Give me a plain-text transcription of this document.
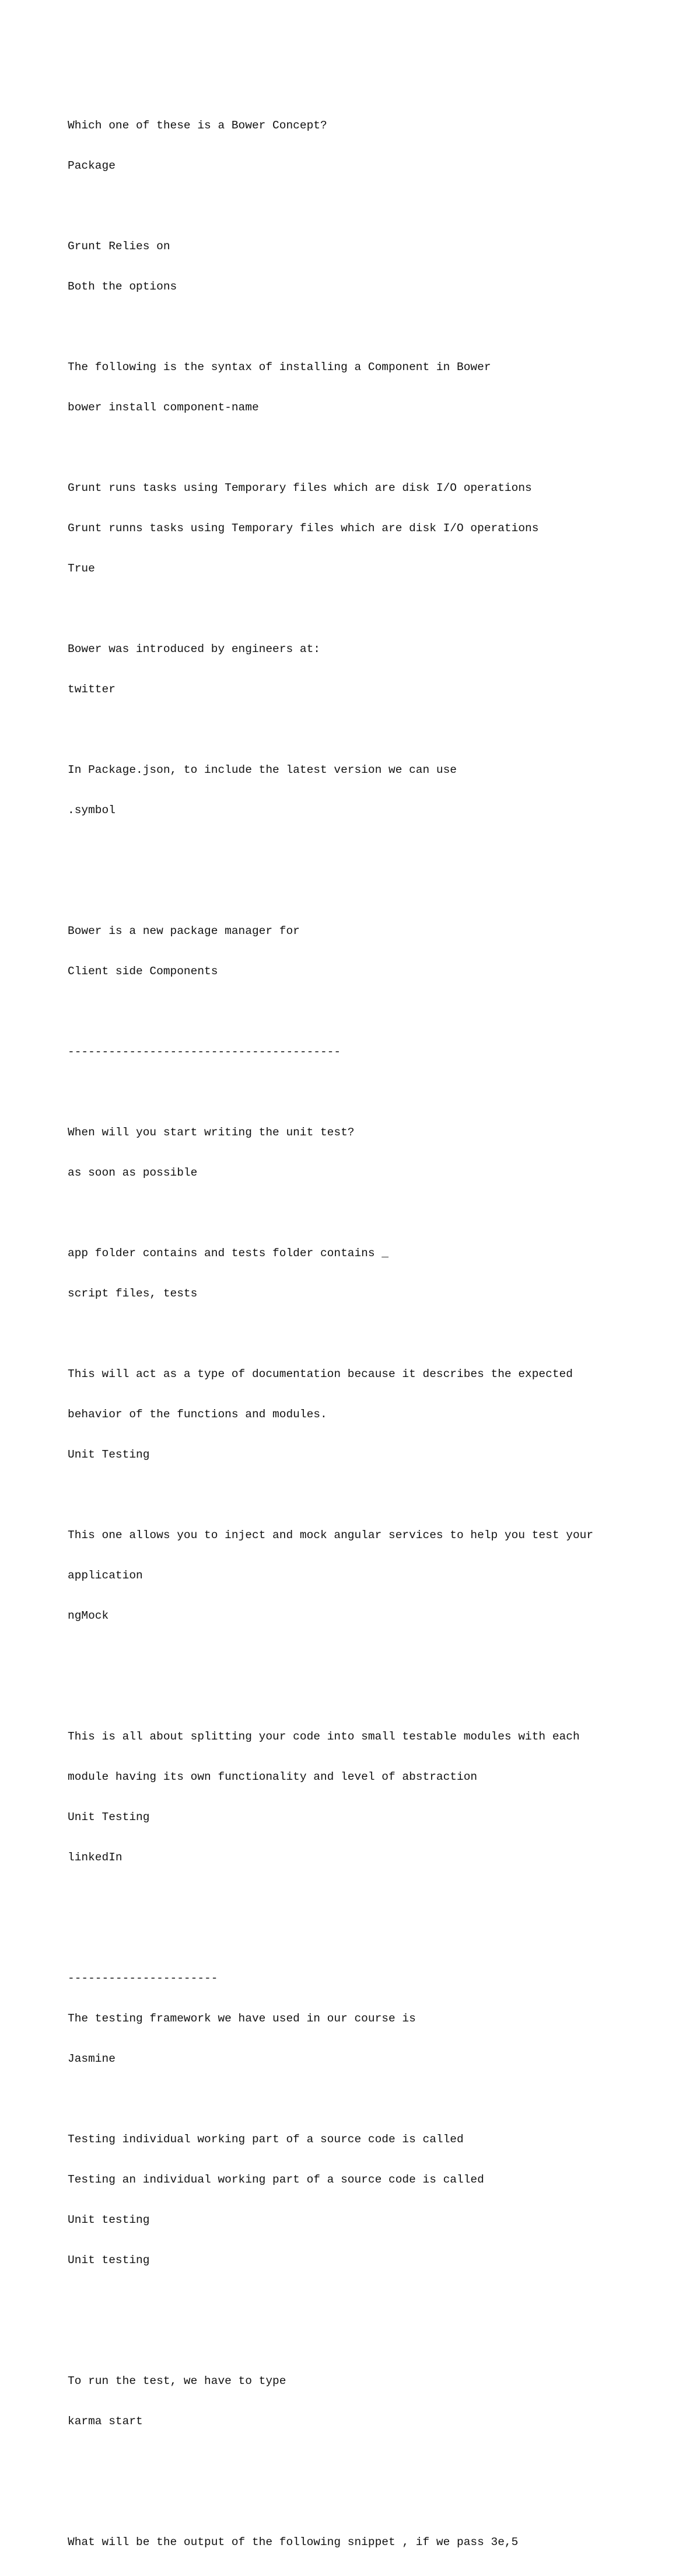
Which one of these is a Bower Concept?

Package

Grunt Relies on

Both the options

The following is the syntax of installing a Component in Bower

bower install component-name

Grunt runs tasks using Temporary files which are disk I/O operations

Grunt runns tasks using Temporary files which are disk I/O operations

True

Bower was introduced by engineers at:

twitter

In Package.json, to include the latest version we can use

.symbol

Bower is a new package manager for

Client side Components

----------------------------------------

When will you start writing the unit test?

as soon as possible

app folder contains and tests folder contains _

script files, tests

This will act as a type of documentation because it describes the expected

behavior of the functions and modules.

Unit Testing

This one allows you to inject and mock angular services to help you test your

application

ngMock

This is all about splitting your code into small testable modules with each

module having its own functionality and level of abstraction

Unit Testing

linkedIn

----------------------

The testing framework we have used in our course is

Jasmine

Testing individual working part of a source code is called

Testing an individual working part of a source code is called

Unit testing

Unit testing

To run the test, we have to type

karma start

What will be the output of the following snippet , if we pass 3e,5
